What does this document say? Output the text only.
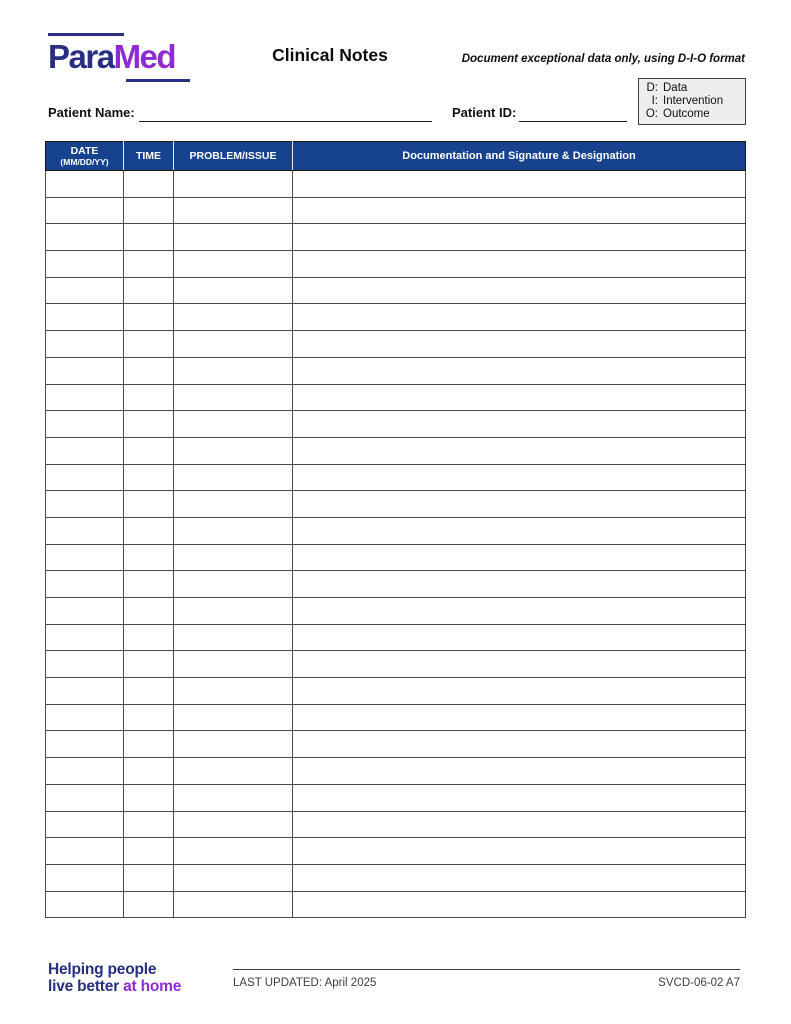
ParaMed	Clinical Notes	Document exceptional data only, using D-I-O format
D: Data
I: Intervention
O: Outcome
Patient Name:	Patient ID:
DATE
(MM/DD/YY)	TIME	PROBLEM/ISSUE	Documentation and Signature & Designation

Helping people
live better at home	LAST UPDATED: April 2025	SVCD-06-02 A7
